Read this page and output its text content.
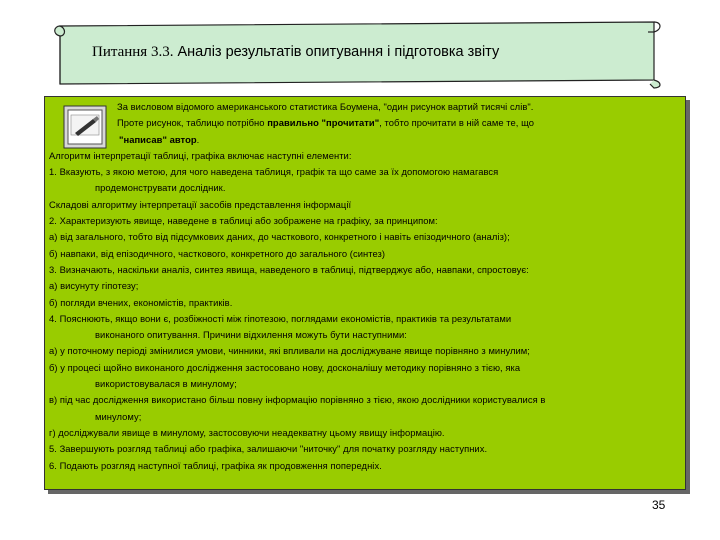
Питання 3.3. Аналіз результатів опитування і підготовка звіту
За висловом відомого американського статистика Боумена, "один рисунок вартий тисячі слів".
Проте рисунок, таблицю потрібно правильно "прочитати", тобто прочитати в ній саме те, що
"написав" автор.
Алгоритм інтерпретації таблиці, графіка включає наступні елементи:
1. Вказують, з якою метою, для чого наведена таблиця, графік та що саме за їх допомогою намагався
продемонструвати дослідник.
Складові алгоритму інтерпретації засобів представлення інформації
2. Характеризують явище, наведене в таблиці або зображене на графіку, за принципом:
а) від загального, тобто від підсумкових даних, до часткового, конкретного і навіть епізодичного (аналіз);
б) навпаки, від епізодичного, часткового, конкретного до загального (синтез)
3. Визначають, наскільки аналіз, синтез явища, наведеного в таблиці, підтверджує або, навпаки, спростовує:
а) висунуту гіпотезу;
б) погляди вчених, економістів, практиків.
4. Пояснюють, якщо вони є, розбіжності між гіпотезою, поглядами економістів, практиків та результатами
виконаного опитування. Причини відхилення можуть бути наступними:
а) у поточному періоді змінилися умови, чинники, які впливали на досліджуване явище порівняно з минулим;
б) у процесі щойно виконаного дослідження застосовано нову, досконалішу методику порівняно з тією, яка
використовувалася в минулому;
в) під час дослідження використано більш повну інформацію порівняно з тією, якою дослідники користувалися в
минулому;
г) досліджували явище в минулому, застосовуючи неадекватну цьому явищу інформацію.
5. Завершують розгляд таблиці або графіка, залишаючи "ниточку" для початку розгляду наступних.
6. Подають розгляд наступної таблиці, графіка як продовження попередніх.
35
